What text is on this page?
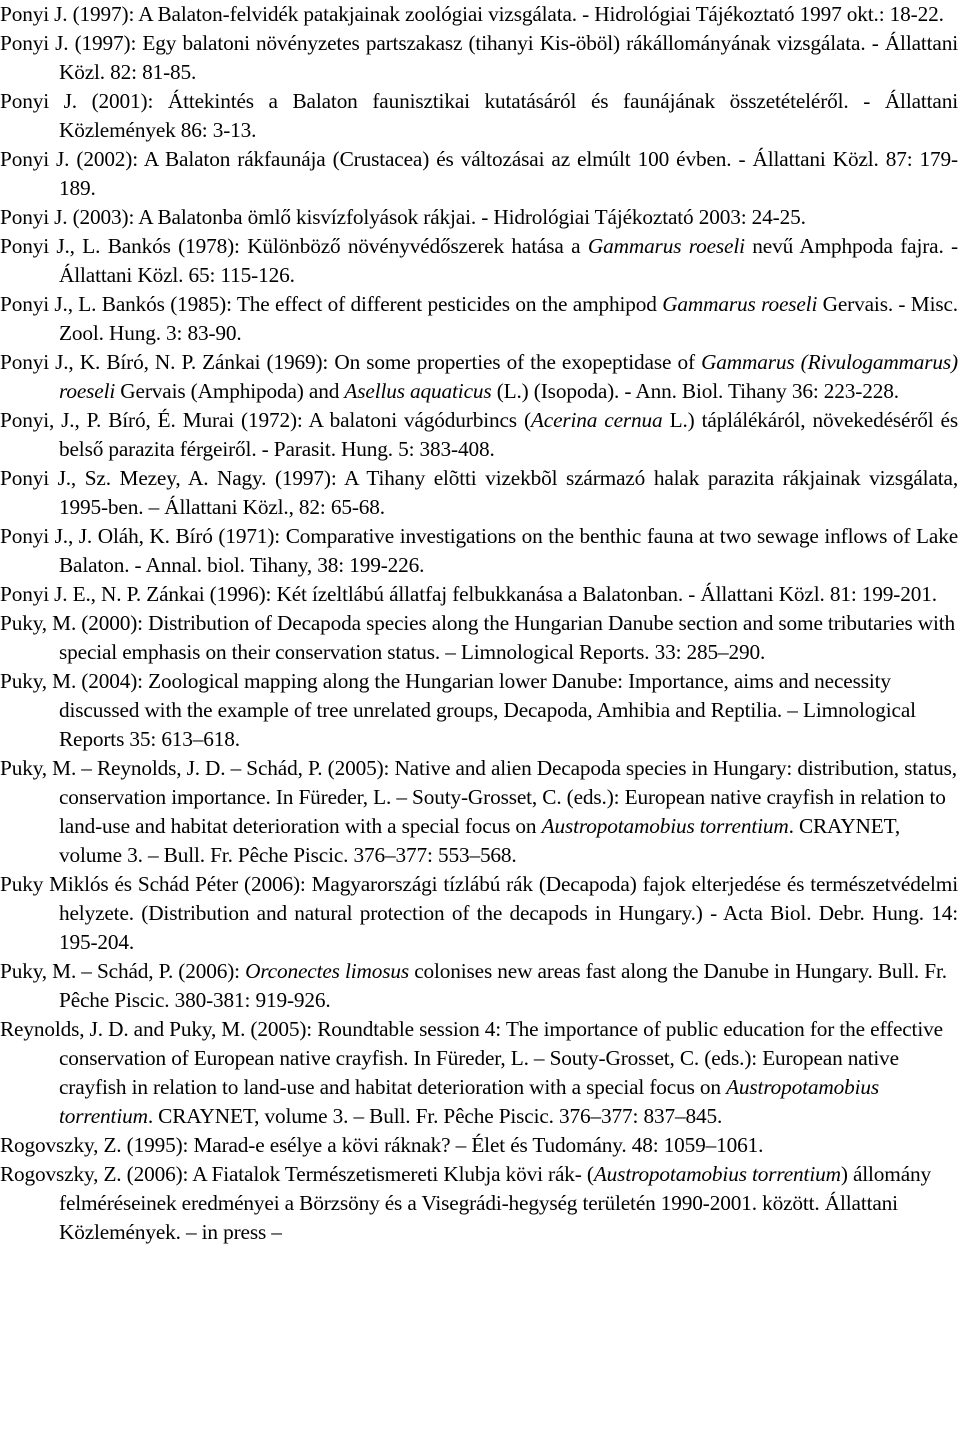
Ponyi J. (1997): A Balaton-felvidék patakjainak zoológiai vizsgálata. - Hidrológiai Tájékoztató 1997 okt.: 18-22.
Ponyi J. (1997): Egy balatoni növényzetes partszakasz (tihanyi Kis-öböl) rákállományának vizsgálata. - Állattani Közl. 82: 81-85.
Ponyi J. (2001): Áttekintés a Balaton faunisztikai kutatásáról és faunájának összetételéről. - Állattani Közlemények 86: 3-13.
Ponyi J. (2002): A Balaton rákfaunája (Crustacea) és változásai az elmúlt 100 évben. - Állattani Közl. 87: 179-189.
Ponyi J. (2003): A Balatonba ömlő kisvízfolyások rákjai. - Hidrológiai Tájékoztató 2003: 24-25.
Ponyi J., L. Bankós (1978): Különböző növényvédőszerek hatása a Gammarus roeseli nevű Amphpoda fajra. - Állattani Közl. 65: 115-126.
Ponyi J., L. Bankós (1985): The effect of different pesticides on the amphipod Gammarus roeseli Gervais. - Misc. Zool. Hung. 3: 83-90.
Ponyi J., K. Bíró, N. P. Zánkai (1969): On some properties of the exopeptidase of Gammarus (Rivulogammarus) roeseli Gervais (Amphipoda) and Asellus aquaticus (L.) (Isopoda). - Ann. Biol. Tihany 36: 223-228.
Ponyi, J., P. Bíró, É. Murai (1972): A balatoni vágódurbincs (Acerina cernua L.) táplálékáról, növekedéséről és belső parazita férgeiről. - Parasit. Hung. 5: 383-408.
Ponyi J., Sz. Mezey, A. Nagy. (1997): A Tihany elõtti vizekbõl származó halak parazita rákjainak vizsgálata, 1995-ben. – Állattani Közl., 82: 65-68.
Ponyi J., J. Oláh, K. Bíró (1971): Comparative investigations on the benthic fauna at two sewage inflows of Lake Balaton. - Annal. biol. Tihany, 38: 199-226.
Ponyi J. E., N. P. Zánkai (1996): Két ízeltlábú állatfaj felbukkanása a Balatonban. - Állattani Közl. 81: 199-201.
Puky, M. (2000): Distribution of Decapoda species along the Hungarian Danube section and some tributaries with special emphasis on their conservation status. – Limnological Reports. 33: 285–290.
Puky, M. (2004): Zoological mapping along the Hungarian lower Danube: Importance, aims and necessity discussed with the example of tree unrelated groups, Decapoda, Amhibia and Reptilia. – Limnological Reports 35: 613–618.
Puky, M. – Reynolds, J. D. – Schád, P. (2005): Native and alien Decapoda species in Hungary: distribution, status, conservation importance. In Füreder, L. – Souty-Grosset, C. (eds.): European native crayfish in relation to land-use and habitat deterioration with a special focus on Austropotamobius torrentium. CRAYNET, volume 3. – Bull. Fr. Pêche Piscic. 376–377: 553–568.
Puky Miklós és Schád Péter (2006): Magyarországi tízlábú rák (Decapoda) fajok elterjedése és természetvédelmi helyzete. (Distribution and natural protection of the decapods in Hungary.) - Acta Biol. Debr. Hung. 14: 195-204.
Puky, M. – Schád, P. (2006): Orconectes limosus colonises new areas fast along the Danube in Hungary. Bull. Fr. Pêche Piscic. 380-381: 919-926.
Reynolds, J. D. and Puky, M. (2005): Roundtable session 4: The importance of public education for the effective conservation of European native crayfish. In Füreder, L. – Souty-Grosset, C. (eds.): European native crayfish in relation to land-use and habitat deterioration with a special focus on Austropotamobius torrentium. CRAYNET, volume 3. – Bull. Fr. Pêche Piscic. 376–377: 837–845.
Rogovszky, Z. (1995): Marad-e esélye a kövi ráknak? – Élet és Tudomány. 48: 1059–1061.
Rogovszky, Z. (2006): A Fiatalok Természetismereti Klubja kövi rák- (Austropotamobius torrentium) állomány felméréseinek eredményei a Börzsöny és a Visegrádi-hegység területén 1990-2001. között. Állattani Közlemények. – in press –
